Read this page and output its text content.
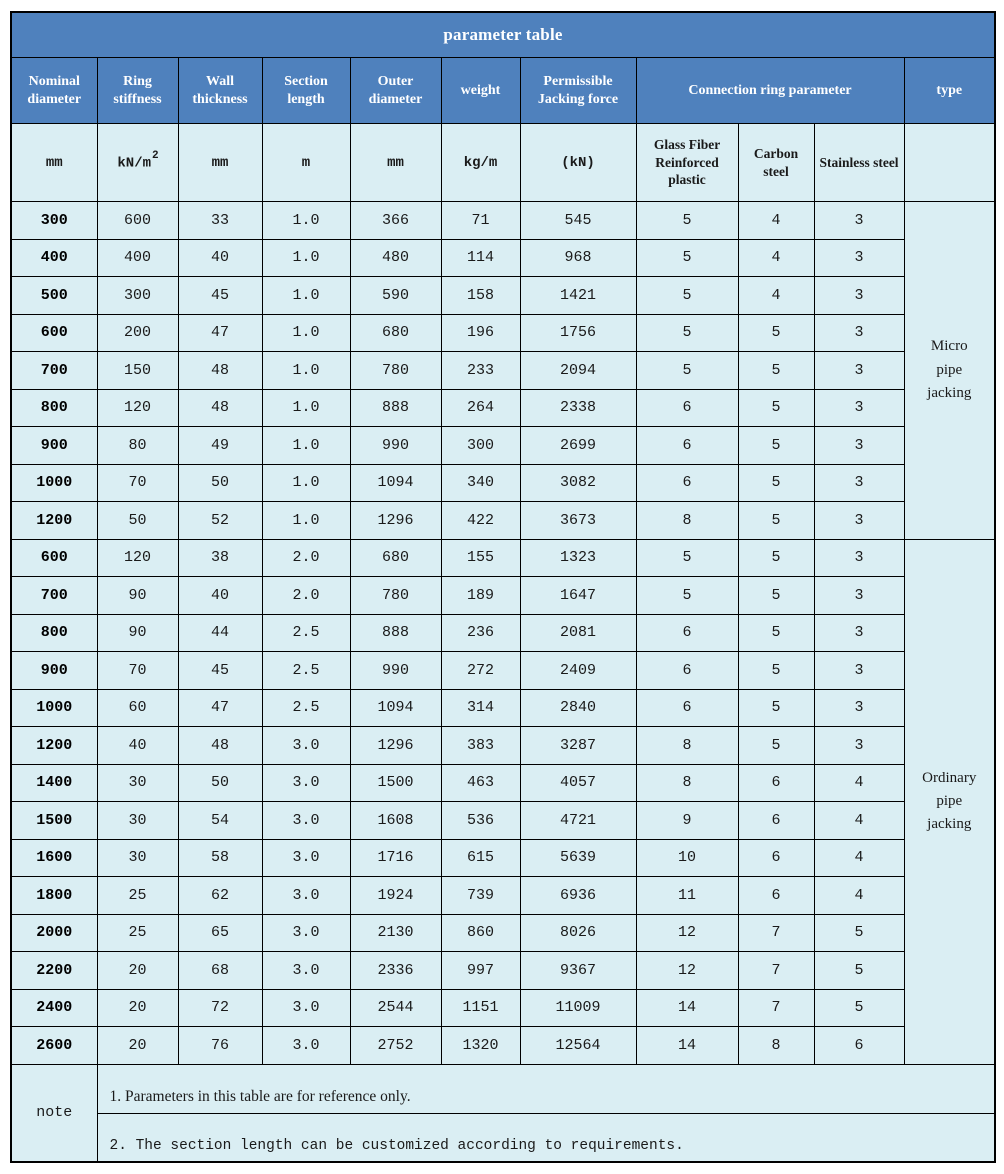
parameter table										
Nominal diameter	Ring stiffness	Wall thickness	Section length	Outer diameter	weight	Permissible Jacking force	Connection ring parameter			type
mm	$kN/m^2$	mm	m	mm	kg/m	(kN)	Glass Fiber Reinforced plastic	Carbon steel	Stainless steel	
300	600	33	1.0	366	71	545	5	4	3	Micro pipe jacking
400	400	40	1.0	480	114	968	5	4	3	
500	300	45	1.0	590	158	1421	5	4	3	
600	200	47	1.0	680	196	1756	5	5	3	
700	150	48	1.0	780	233	2094	5	5	3	
800	120	48	1.0	888	264	2338	6	5	3	
900	80	49	1.0	990	300	2699	6	5	3	
1000	70	50	1.0	1094	340	3082	6	5	3	
1200	50	52	1.0	1296	422	3673	8	5	3	
600	120	38	2.0	680	155	1323	5	5	3	Ordinary pipe jacking
700	90	40	2.0	780	189	1647	5	5	3	
800	90	44	2.5	888	236	2081	6	5	3	
900	70	45	2.5	990	272	2409	6	5	3	
1000	60	47	2.5	1094	314	2840	6	5	3	
1200	40	48	3.0	1296	383	3287	8	5	3	
1400	30	50	3.0	1500	463	4057	8	6	4	
1500	30	54	3.0	1608	536	4721	9	6	4	
1600	30	58	3.0	1716	615	5639	10	6	4	
1800	25	62	3.0	1924	739	6936	11	6	4	
2000	25	65	3.0	2130	860	8026	12	7	5	
2200	20	68	3.0	2336	997	9367	12	7	5	
2400	20	72	3.0	2544	1151	11009	14	7	5	
2600	20	76	3.0	2752	1320	12564	14	8	6	
note	1. Parameters in this table are for reference only.									
	2. The section length can be customized according to requirements.									
